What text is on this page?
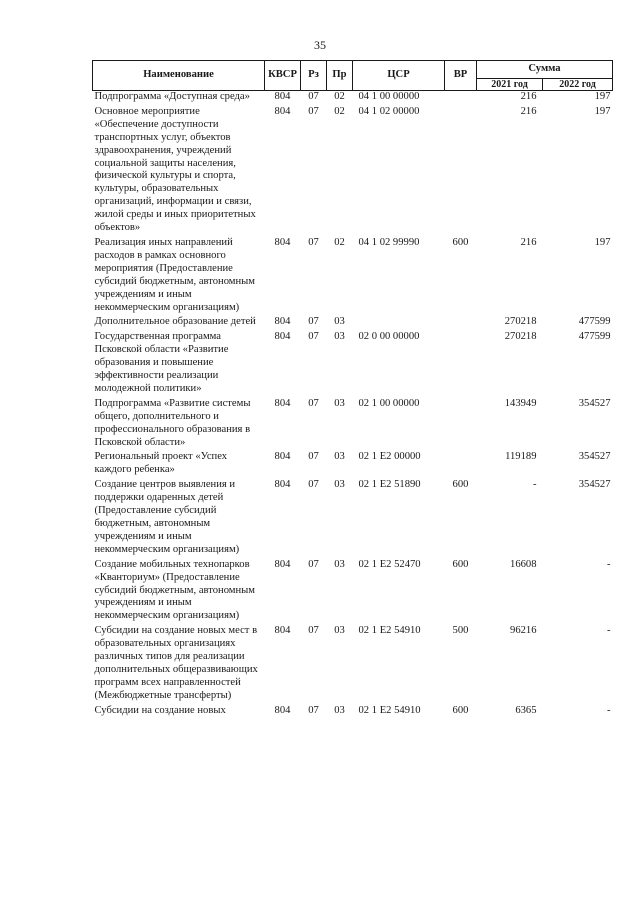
35
Наименование	КВСР	Рз	Пр	ЦСР	ВР	Сумма	
						2021 год	2022 год
Подпрограмма «Доступная среда»	804	07	02	04 1 00 00000		216	197
Основное мероприятие «Обеспечение доступности транспортных услуг, объектов здравоохранения, учреждений социальной защиты населения, физической культуры и спорта, культуры, образовательных организаций, информации и связи, жилой среды и иных приоритетных объектов»	804	07	02	04 1 02 00000		216	197
Реализация иных направлений расходов в рамках основного мероприятия (Предоставление субсидий бюджетным, автономным учреждениям и иным некоммерческим организациям)	804	07	02	04 1 02 99990	600	216	197
Дополнительное образование детей	804	07	03			270218	477599
Государственная программа Псковской области «Развитие образования и повышение эффективности реализации молодежной политики»	804	07	03	02 0 00 00000		270218	477599
Подпрограмма «Развитие системы общего, дополнительного и профессионального образования в Псковской области»	804	07	03	02 1 00 00000		143949	354527
Региональный проект «Успех каждого ребенка»	804	07	03	02 1 E2 00000		119189	354527
Создание центров выявления и поддержки одаренных детей (Предоставление субсидий бюджетным, автономным учреждениям и иным некоммерческим организациям)	804	07	03	02 1 E2 51890	600	-	354527
Создание мобильных технопарков «Кванториум» (Предоставление субсидий бюджетным, автономным учреждениям и иным некоммерческим организациям)	804	07	03	02 1 E2 52470	600	16608	-
Субсидии на создание новых мест в образовательных организациях различных типов для реализации дополнительных общеразвивающих программ всех направленностей (Межбюджетные трансферты)	804	07	03	02 1 E2 54910	500	96216	-
Субсидии на создание новых	804	07	03	02 1 E2 54910	600	6365	-
